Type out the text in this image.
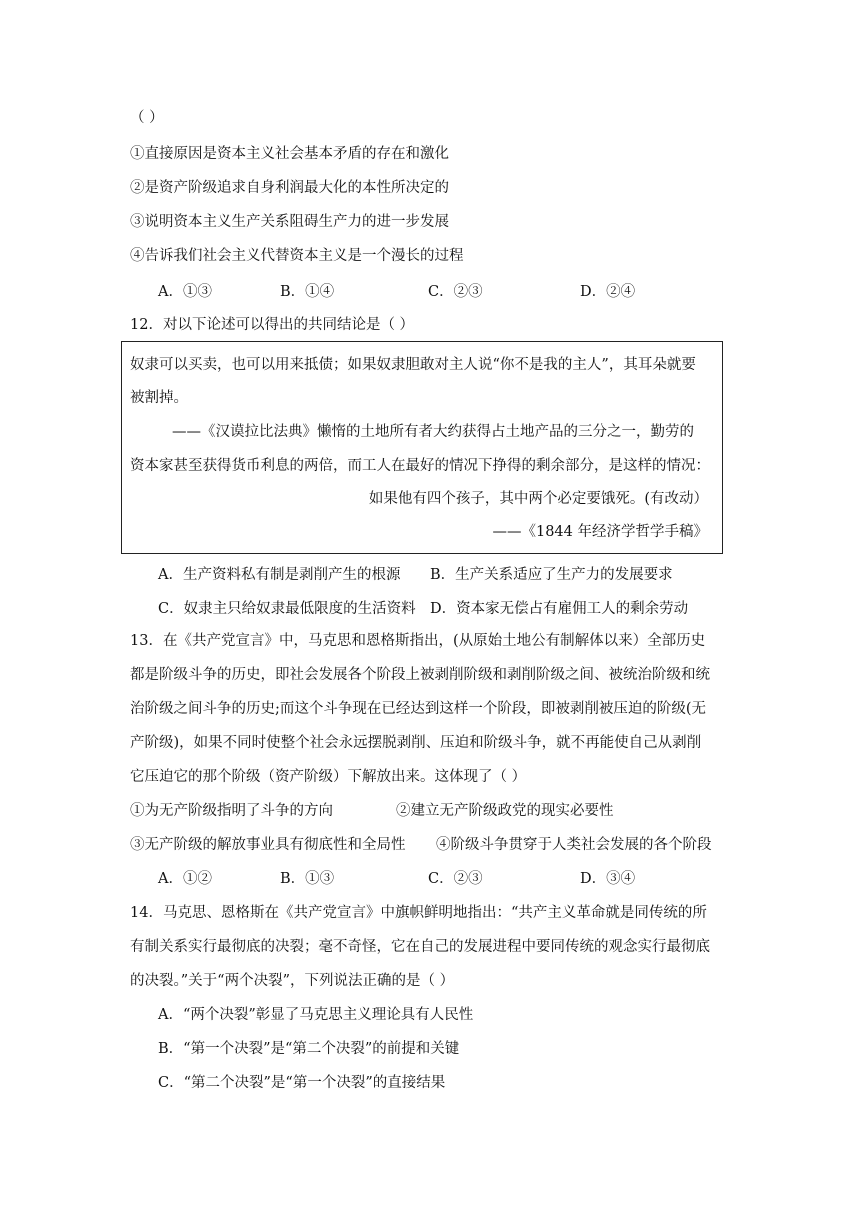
（ ）
①直接原因是资本主义社会基本矛盾的存在和激化
②是资产阶级追求自身利润最大化的本性所决定的
③说明资本主义生产关系阻碍生产力的进一步发展
④告诉我们社会主义代替资本主义是一个漫长的过程
A．①③	B．①④	C．②③	D．②④
12．对以下论述可以得出的共同结论是（ ）
奴隶可以买卖，也可以用来抵债；如果奴隶胆敢对主人说“你不是我的主人”，其耳朵就要
被割掉。
——《汉谟拉比法典》懒惰的土地所有者大约获得占土地产品的三分之一，勤劳的
资本家甚至获得货币利息的两倍，而工人在最好的情况下挣得的剩余部分，是这样的情况：
如果他有四个孩子，其中两个必定要饿死。(有改动）
——《1844 年经济学哲学手稿》
A．生产资料私有制是剥削产生的根源 B．生产关系适应了生产力的发展要求
C．奴隶主只给奴隶最低限度的生活资料 D．资本家无偿占有雇佣工人的剩余劳动
13．在《共产党宣言》中，马克思和恩格斯指出，(从原始土地公有制解体以来）全部历史
都是阶级斗争的历史，即社会发展各个阶段上被剥削阶级和剥削阶级之间、被统治阶级和统
治阶级之间斗争的历史;而这个斗争现在已经达到这样一个阶段，即被剥削被压迫的阶级(无
产阶级)，如果不同时使整个社会永远摆脱剥削、压迫和阶级斗争，就不再能使自己从剥削
它压迫它的那个阶级（资产阶级）下解放出来。这体现了（ ）
①为无产阶级指明了斗争的方向	②建立无产阶级政党的现实必要性
③无产阶级的解放事业具有彻底性和全局性 ④阶级斗争贯穿于人类社会发展的各个阶段
A．①②	B．①③	C．②③	D．③④
14．马克思、恩格斯在《共产党宣言》中旗帜鲜明地指出：“共产主义革命就是同传统的所
有制关系实行最彻底的决裂；毫不奇怪，它在自己的发展进程中要同传统的观念实行最彻底
的决裂。”关于“两个决裂”，下列说法正确的是（ ）
A．“两个决裂”彰显了马克思主义理论具有人民性
B．“第一个决裂”是“第二个决裂”的前提和关键
C．“第二个决裂”是“第一个决裂”的直接结果
